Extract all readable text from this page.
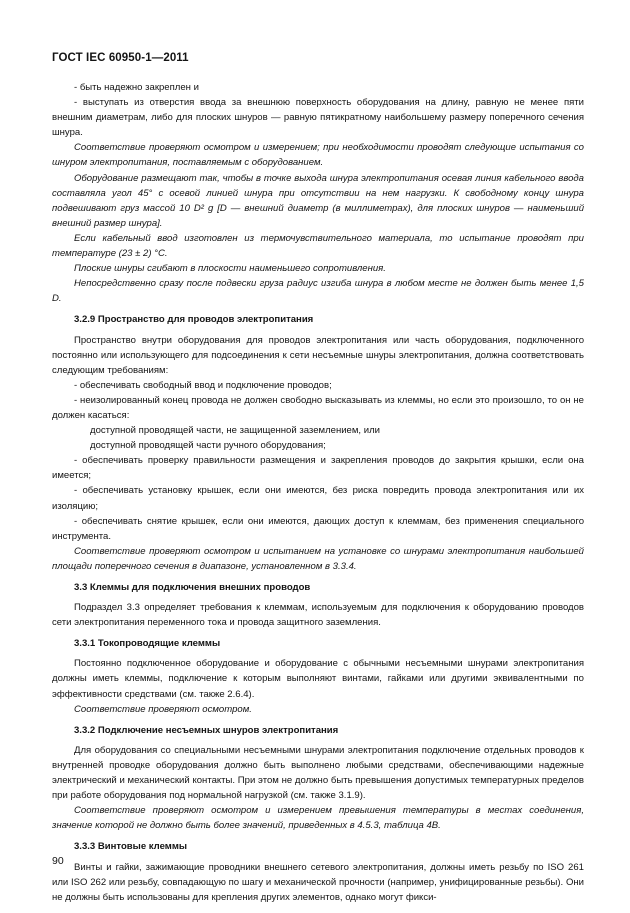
ГОСТ IEC 60950-1—2011

- быть надежно закреплен и

- выступать из отверстия ввода за внешнюю поверхность оборудования на длину, равную не менее пяти внешним диаметрам, либо для плоских шнуров — равную пятикратному наибольшему размеру поперечного сечения шнура.

Соответствие проверяют осмотром и измерением; при необходимости проводят следующие испытания со шнуром электропитания, поставляемым с оборудованием.

Оборудование размещают так, чтобы в точке выхода шнура электропитания осевая линия кабельного ввода составляла угол 45° с осевой линией шнура при отсутствии на нем нагрузки. К свободному концу шнура подвешивают груз массой 10 D² g [D — внешний диаметр (в миллиметрах), для плоских шнуров — наименьший внешний размер шнура].

Если кабельный ввод изготовлен из термочувствительного материала, то испытание проводят при температуре (23 ± 2) °С.

Плоские шнуры сгибают в плоскости наименьшего сопротивления.

Непосредственно сразу после подвески груза радиус изгиба шнура в любом месте не должен быть менее 1,5 D.

3.2.9 Пространство для проводов электропитания

Пространство внутри оборудования для проводов электропитания или часть оборудования, подключенного постоянно или использующего для подсоединения к сети несъемные шнуры электропитания, должна соответствовать следующим требованиям:

- обеспечивать свободный ввод и подключение проводов;

- неизолированный конец провода не должен свободно высказывать из клеммы, но если это произошло, то он не должен касаться:

доступной проводящей части, не защищенной заземлением, или

доступной проводящей части ручного оборудования;

- обеспечивать проверку правильности размещения и закрепления проводов до закрытия крышки, если она имеется;

- обеспечивать установку крышек, если они имеются, без риска повредить провода электропитания или их изоляцию;

- обеспечивать снятие крышек, если они имеются, дающих доступ к клеммам, без применения специального инструмента.

Соответствие проверяют осмотром и испытанием на установке со шнурами электропитания наибольшей площади поперечного сечения в диапазоне, установленном в 3.3.4.

3.3 Клеммы для подключения внешних проводов

Подраздел 3.3 определяет требования к клеммам, используемым для подключения к оборудованию проводов сети электропитания переменного тока и провода защитного заземления.

3.3.1 Токопроводящие клеммы

Постоянно подключенное оборудование и оборудование с обычными несъемными шнурами электропитания должны иметь клеммы, подключение к которым выполняют винтами, гайками или другими эквивалентными по эффективности средствами (см. также 2.6.4).

Соответствие проверяют осмотром.

3.3.2 Подключение несъемных шнуров электропитания

Для оборудования со специальными несъемными шнурами электропитания подключение отдельных проводов к внутренней проводке оборудования должно быть выполнено любыми средствами, обеспечивающими надежные электрический и механический контакты. При этом не должно быть превышения допустимых температурных пределов при работе оборудования под нормальной нагрузкой (см. также 3.1.9).

Соответствие проверяют осмотром и измерением превышения температуры в местах соединения, значение которой не должно быть более значений, приведенных в 4.5.3, таблица 4В.

3.3.3 Винтовые клеммы

Винты и гайки, зажимающие проводники внешнего сетевого электропитания, должны иметь резьбу по ISO 261 или ISO 262 или резьбу, совпадающую по шагу и механической прочности (например, унифицированные резьбы). Они не должны быть использованы для крепления других элементов, однако могут фикси-

90
